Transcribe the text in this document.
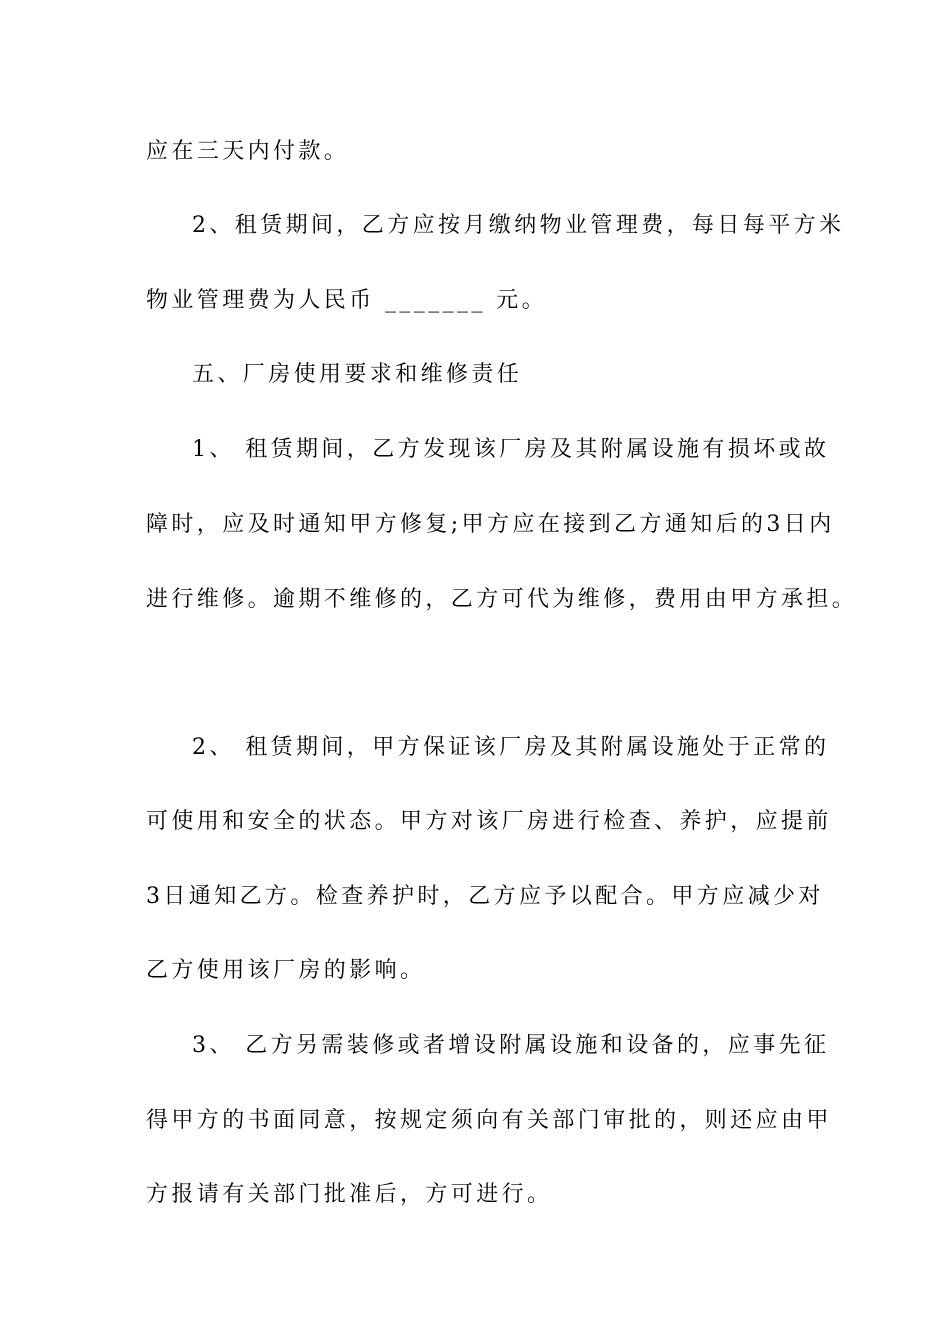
应在三天内付款。
2、租赁期间，乙方应按月缴纳物业管理费，每日每平方米
物业管理费为人民币 _______ 元。
五、厂房使用要求和维修责任
1、 租赁期间，乙方发现该厂房及其附属设施有损坏或故
障时，应及时通知甲方修复;甲方应在接到乙方通知后的3日内
进行维修。逾期不维修的，乙方可代为维修，费用由甲方承担。
2、 租赁期间，甲方保证该厂房及其附属设施处于正常的
可使用和安全的状态。甲方对该厂房进行检查、养护，应提前
3日通知乙方。检查养护时，乙方应予以配合。甲方应减少对
乙方使用该厂房的影响。
3、 乙方另需装修或者增设附属设施和设备的，应事先征
得甲方的书面同意，按规定须向有关部门审批的，则还应由甲
方报请有关部门批准后，方可进行。
